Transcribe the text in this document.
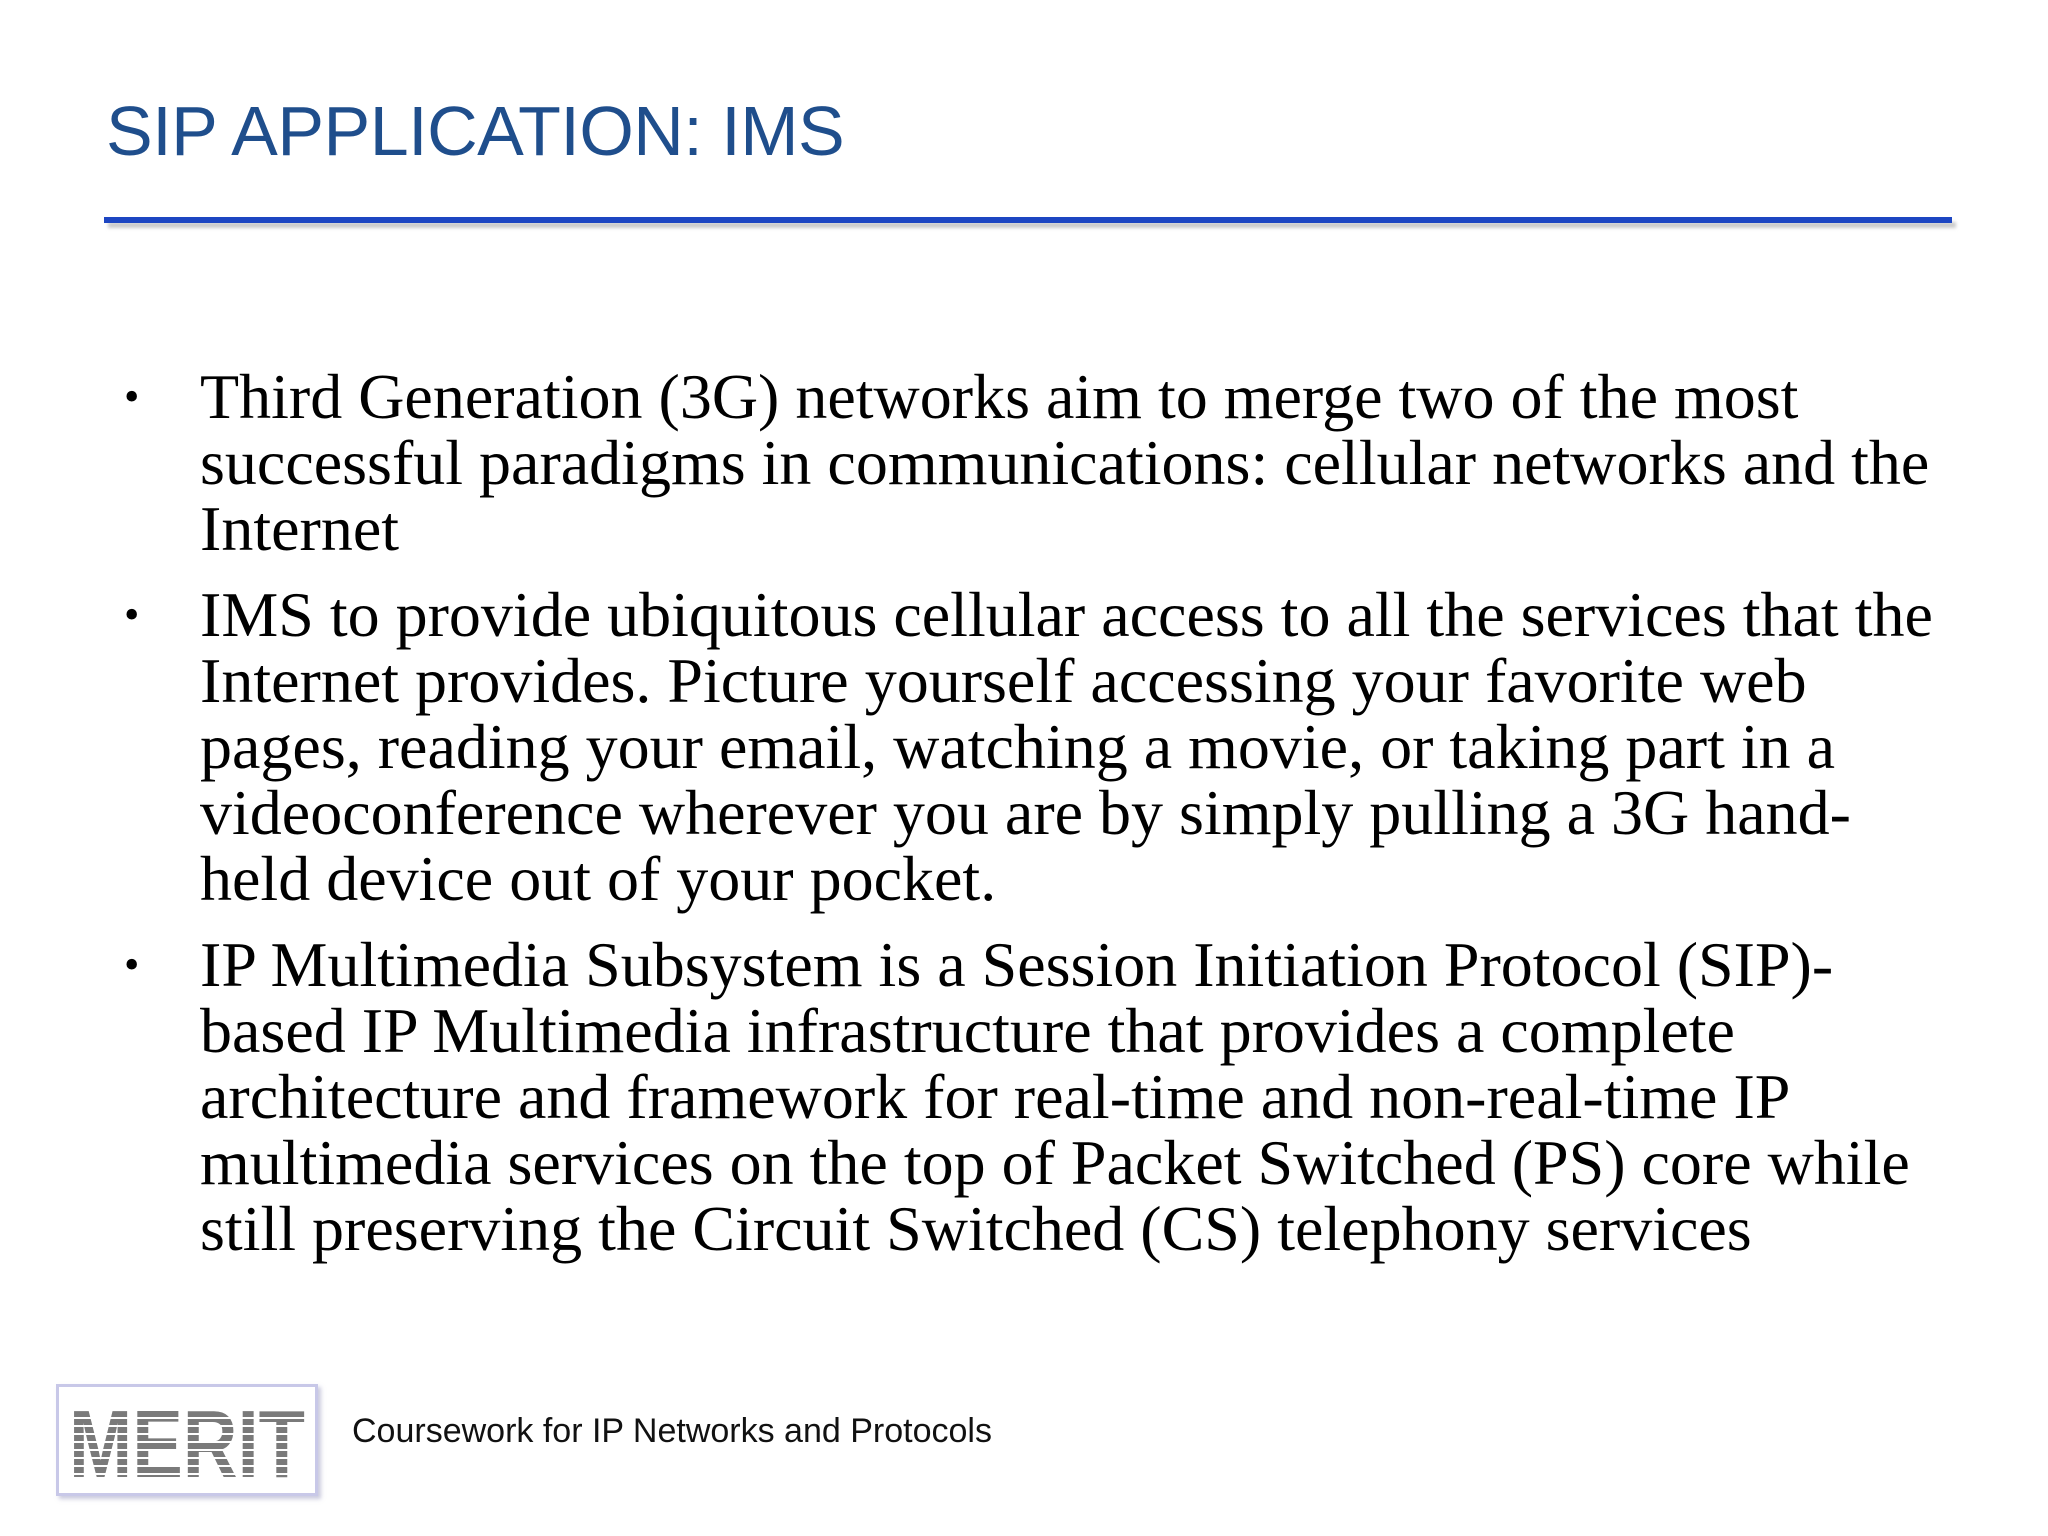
SIP APPLICATION: IMS
• Third Generation (3G) networks aim to merge two of the most successful paradigms in communications: cellular networks and the Internet
• IMS to provide ubiquitous cellular access to all the services that the Internet provides. Picture yourself accessing your favorite web pages, reading your email, watching a movie, or taking part in a videoconference wherever you are by simply pulling a 3G hand-held device out of your pocket.
• IP Multimedia Subsystem is a Session Initiation Protocol (SIP)-based IP Multimedia infrastructure that provides a complete architecture and framework for real-time and non-real-time IP multimedia services on the top of Packet Switched (PS) core while still preserving the Circuit Switched (CS) telephony services
MERIT Coursework for IP Networks and Protocols
